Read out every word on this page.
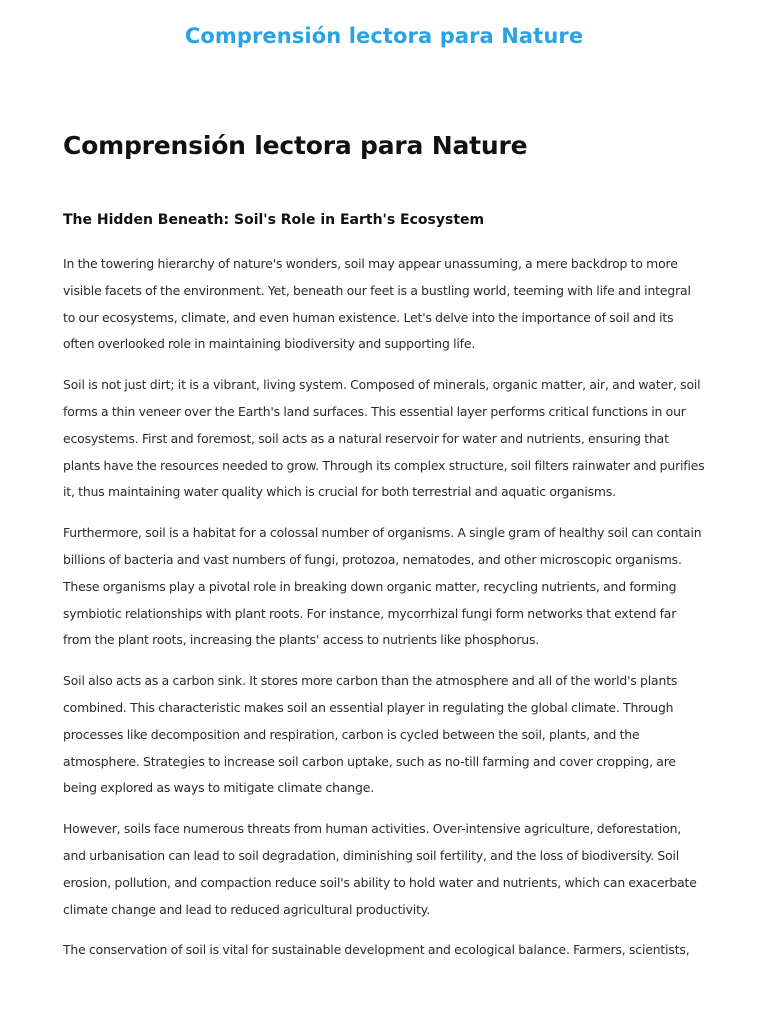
Comprensión lectora para Nature
Comprensión lectora para Nature
The Hidden Beneath: Soil's Role in Earth's Ecosystem

In the towering hierarchy of nature's wonders, soil may appear unassuming, a mere backdrop to more visible facets of the environment. Yet, beneath our feet is a bustling world, teeming with life and integral to our ecosystems, climate, and even human existence. Let's delve into the importance of soil and its often overlooked role in maintaining biodiversity and supporting life.

Soil is not just dirt; it is a vibrant, living system. Composed of minerals, organic matter, air, and water, soil forms a thin veneer over the Earth's land surfaces. This essential layer performs critical functions in our ecosystems. First and foremost, soil acts as a natural reservoir for water and nutrients, ensuring that plants have the resources needed to grow. Through its complex structure, soil filters rainwater and purifies it, thus maintaining water quality which is crucial for both terrestrial and aquatic organisms.

Furthermore, soil is a habitat for a colossal number of organisms. A single gram of healthy soil can contain billions of bacteria and vast numbers of fungi, protozoa, nematodes, and other microscopic organisms. These organisms play a pivotal role in breaking down organic matter, recycling nutrients, and forming symbiotic relationships with plant roots. For instance, mycorrhizal fungi form networks that extend far from the plant roots, increasing the plants' access to nutrients like phosphorus.

Soil also acts as a carbon sink. It stores more carbon than the atmosphere and all of the world's plants combined. This characteristic makes soil an essential player in regulating the global climate. Through processes like decomposition and respiration, carbon is cycled between the soil, plants, and the atmosphere. Strategies to increase soil carbon uptake, such as no-till farming and cover cropping, are being explored as ways to mitigate climate change.

However, soils face numerous threats from human activities. Over-intensive agriculture, deforestation, and urbanisation can lead to soil degradation, diminishing soil fertility, and the loss of biodiversity. Soil erosion, pollution, and compaction reduce soil's ability to hold water and nutrients, which can exacerbate climate change and lead to reduced agricultural productivity.

The conservation of soil is vital for sustainable development and ecological balance. Farmers, scientists,
